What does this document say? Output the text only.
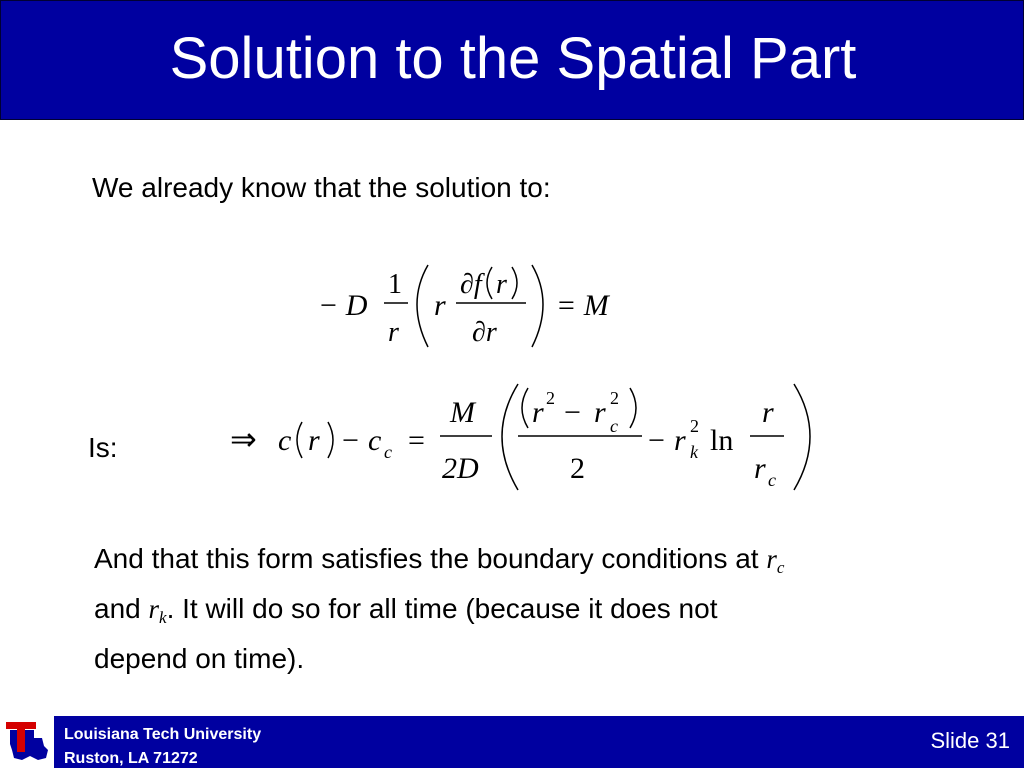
Solution to the Spatial Part
We already know that the solution to:
− D
1
r
r
∂f r
∂r
= M
Is:	⇒ c r − c c =
M
2D
r 2 − r 2
c
2
− r 2
k ln
r
r c
And that this form satisfies the boundary conditions at $r_c$
and $r_k$. It will do so for all time (because it does not
depend on time).
Louisiana Tech University
Ruston, LA 71272
Slide 31
